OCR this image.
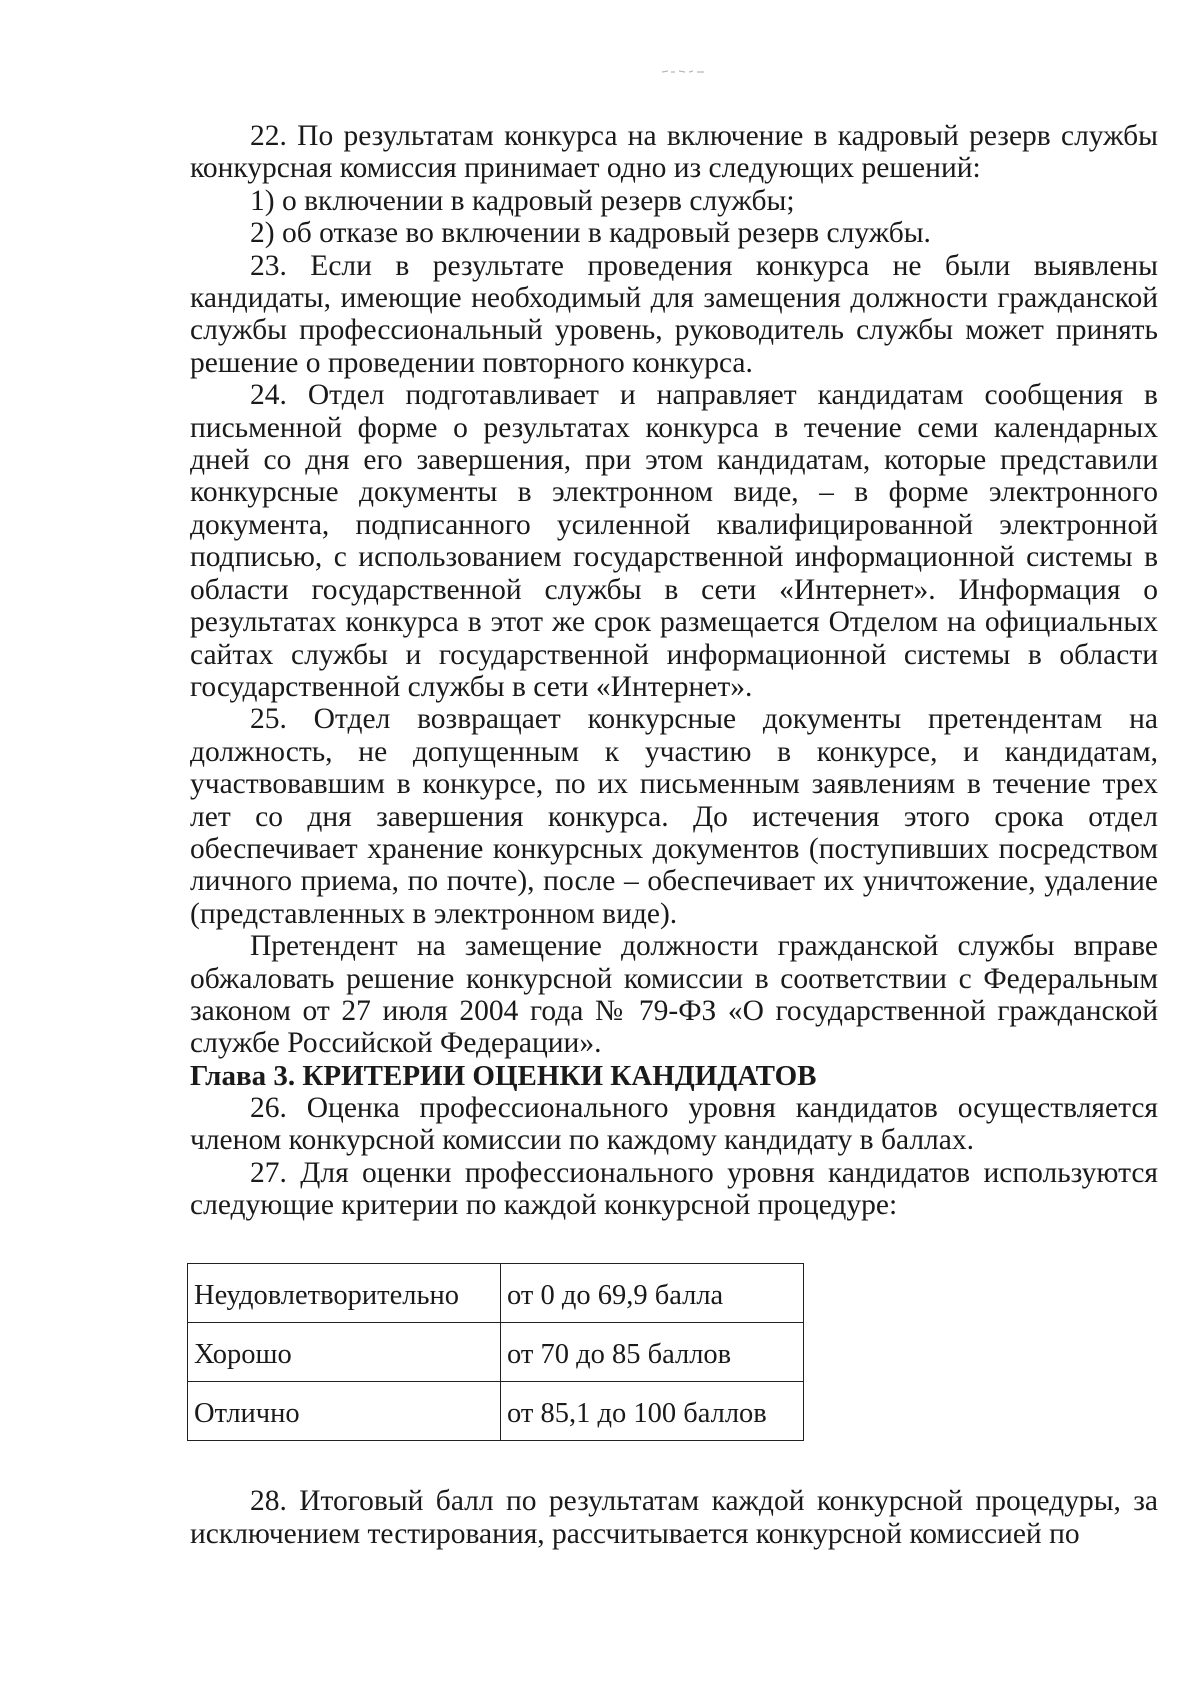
22. По результатам конкурса на включение в кадровый резерв службы конкурсная комиссия принимает одно из следующих решений:

1) о включении в кадровый резерв службы;

2) об отказе во включении в кадровый резерв службы.

23. Если в результате проведения конкурса не были выявлены кандидаты, имеющие необходимый для замещения должности гражданской службы профессиональный уровень, руководитель службы может принять решение о проведении повторного конкурса.

24. Отдел подготавливает и направляет кандидатам сообщения в письменной форме о результатах конкурса в течение семи календарных дней со дня его завершения, при этом кандидатам, которые представили конкурсные документы в электронном виде, – в форме электронного документа, подписанного усиленной квалифицированной электронной подписью, с использованием государственной информационной системы в области государственной службы в сети «Интернет». Информация о результатах конкурса в этот же срок размещается Отделом на официальных сайтах службы и государственной информационной системы в области государственной службы в сети «Интернет».

25. Отдел возвращает конкурсные документы претендентам на должность, не допущенным к участию в конкурсе, и кандидатам, участвовавшим в конкурсе, по их письменным заявлениям в течение трех лет со дня завершения конкурса. До истечения этого срока отдел обеспечивает хранение конкурсных документов (поступивших посредством личного приема, по почте), после – обеспечивает их уничтожение, удаление (представленных в электронном виде).

Претендент на замещение должности гражданской службы вправе обжаловать решение конкурсной комиссии в соответствии с Федеральным законом от 27 июля 2004 года № 79-ФЗ «О государственной гражданской службе Российской Федерации».

Глава 3. КРИТЕРИИ ОЦЕНКИ КАНДИДАТОВ

26. Оценка профессионального уровня кандидатов осуществляется членом конкурсной комиссии по каждому кандидату в баллах.

27. Для оценки профессионального уровня кандидатов используются следующие критерии по каждой конкурсной процедуре:

Неудовлетворительно	от 0 до 69,9 балла
Хорошо	от 70 до 85 баллов
Отлично	от 85,1 до 100 баллов

28. Итоговый балл по результатам каждой конкурсной процедуры, за исключением тестирования, рассчитывается конкурсной комиссией по
